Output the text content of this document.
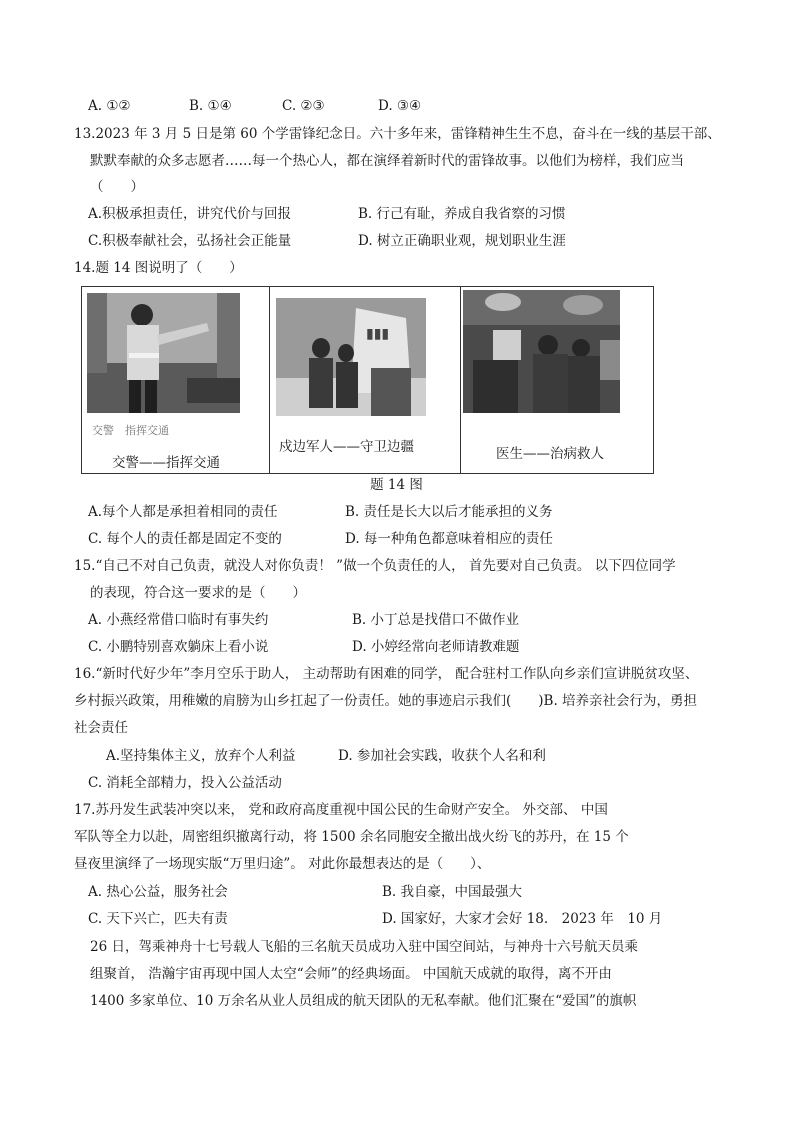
A. ①②	B. ①④	C. ②③	D. ③④
13.2023 年 3 月 5 日是第 60 个学雷锋纪念日。六十多年来，雷锋精神生生不息，奋斗在一线的基层干部、
默默奉献的众多志愿者……每一个热心人，都在演绎着新时代的雷锋故事。以他们为榜样，我们应当
（　　）
A.积极承担责任，讲究代价与回报	B. 行己有耻，养成自我省察的习惯
C.积极奉献社会，弘扬社会正能量	D. 树立正确职业观，规划职业生涯
14.题 14 图说明了（　　）
交警　指挥交通
交警——指挥交通
▮▮▮
戍边军人——守卫边疆	医生——治病救人
题 14 图
A.每个人都是承担着相同的责任	B. 责任是长大以后才能承担的义务
C. 每个人的责任都是固定不变的	D. 每一种角色都意味着相应的责任
15.“自己不对自己负责，就没人对你负责！ ”做一个负责任的人， 首先要对自己负责。 以下四位同学
的表现，符合这一要求的是（　　）
A. 小燕经常借口临时有事失约	B. 小丁总是找借口不做作业
C. 小鹏特别喜欢躺床上看小说	D. 小婷经常向老师请教难题
16.“新时代好少年”李月空乐于助人， 主动帮助有困难的同学， 配合驻村工作队向乡亲们宣讲脱贫攻坚、
乡村振兴政策，用稚嫩的肩膀为山乡扛起了一份责任。她的事迹启示我们(　　)B. 培养亲社会行为，勇担
社会责任
A.坚持集体主义，放弃个人利益	D. 参加社会实践，收获个人名和利
C. 消耗全部精力，投入公益活动
17.苏丹发生武装冲突以来， 党和政府高度重视中国公民的生命财产安全。 外交部、 中国
军队等全力以赴，周密组织撤离行动，将 1500 余名同胞安全撤出战火纷飞的苏丹，在 15 个
昼夜里演绎了一场现实版“万里归途”。 对此你最想表达的是（　　）、
A. 热心公益，服务社会	B. 我自豪，中国最强大
C. 天下兴亡，匹夫有责	D. 国家好，大家才会好 18.　2023 年　10 月
26 日，驾乘神舟十七号载人飞船的三名航天员成功入驻中国空间站，与神舟十六号航天员乘
组聚首， 浩瀚宇宙再现中国人太空“会师”的经典场面。 中国航天成就的取得，离不开由
1400 多家单位、10 万余名从业人员组成的航天团队的无私奉献。他们汇聚在“爱国”的旗帜
